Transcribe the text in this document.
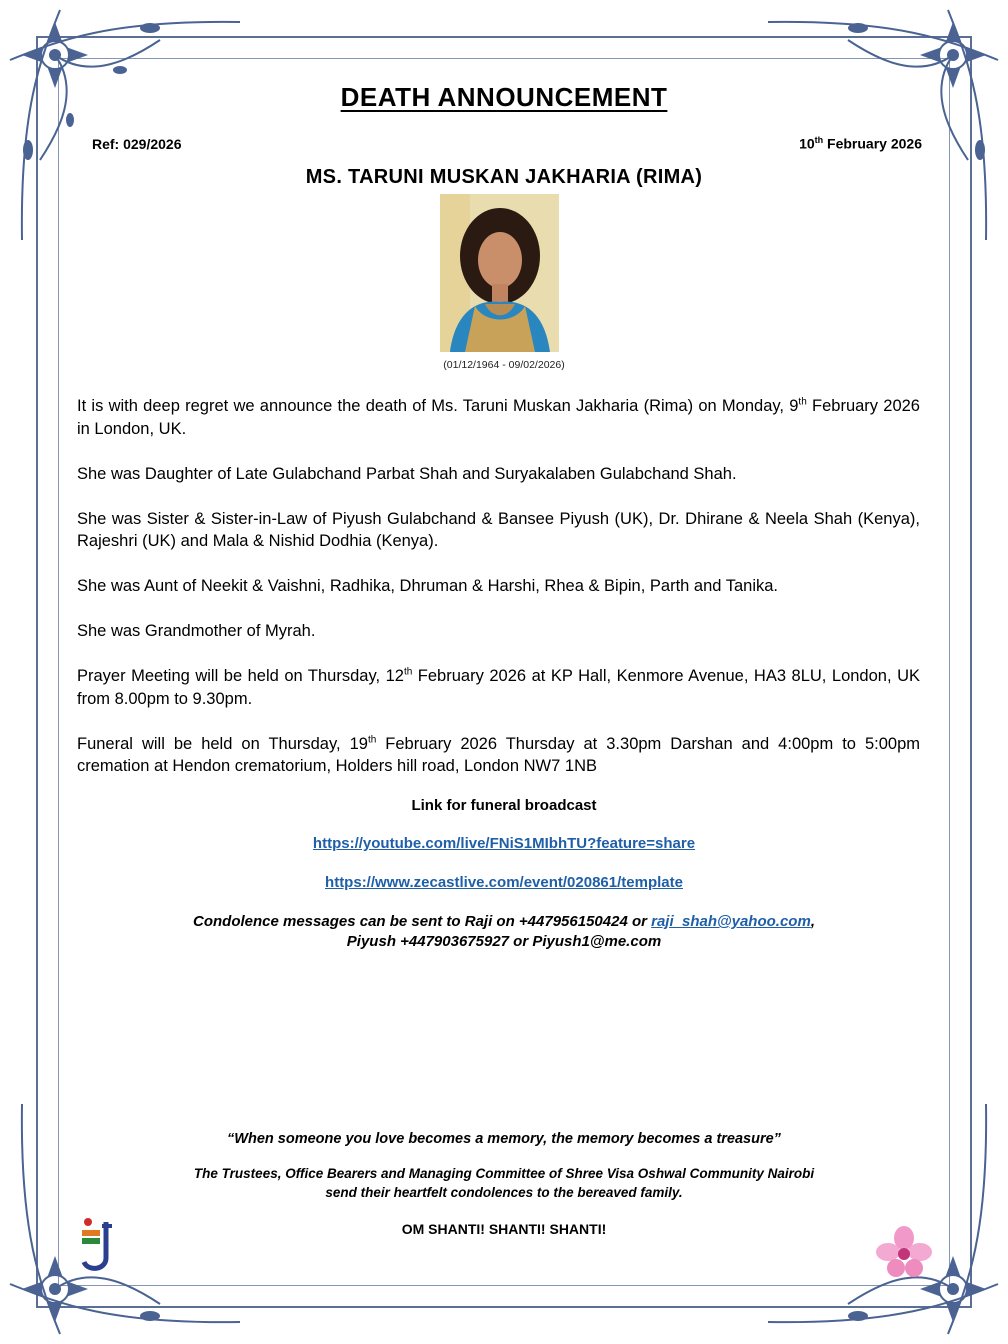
DEATH ANNOUNCEMENT
Ref: 029/2026	10th February 2026
MS. TARUNI MUSKAN JAKHARIA (RIMA)
(01/12/1964 - 09/02/2026)

It is with deep regret we announce the death of Ms. Taruni Muskan Jakharia (Rima) on Monday, 9th February 2026 in London, UK.

She was Daughter of Late Gulabchand Parbat Shah and Suryakalaben Gulabchand Shah.

She was Sister & Sister-in-Law of Piyush Gulabchand & Bansee Piyush (UK), Dr. Dhirane & Neela Shah (Kenya), Rajeshri (UK) and Mala & Nishid Dodhia (Kenya).

She was Aunt of Neekit & Vaishni, Radhika, Dhruman & Harshi, Rhea & Bipin, Parth and Tanika.

She was Grandmother of Myrah.

Prayer Meeting will be held on Thursday, 12th February 2026 at KP Hall, Kenmore Avenue, HA3 8LU, London, UK from 8.00pm to 9.30pm.

Funeral will be held on Thursday, 19th February 2026 Thursday at 3.30pm Darshan and 4:00pm to 5:00pm cremation at Hendon crematorium, Holders hill road, London NW7 1NB

Link for funeral broadcast
https://youtube.com/live/FNiS1MIbhTU?feature=share
https://www.zecastlive.com/event/020861/template
Condolence messages can be sent to Raji on +447956150424 or raji_shah@yahoo.com,
Piyush +447903675927 or Piyush1@me.com
“When someone you love becomes a memory, the memory becomes a treasure”
The Trustees, Office Bearers and Managing Committee of Shree Visa Oshwal Community Nairobi
send their heartfelt condolences to the bereaved family.
OM SHANTI! SHANTI! SHANTI!
